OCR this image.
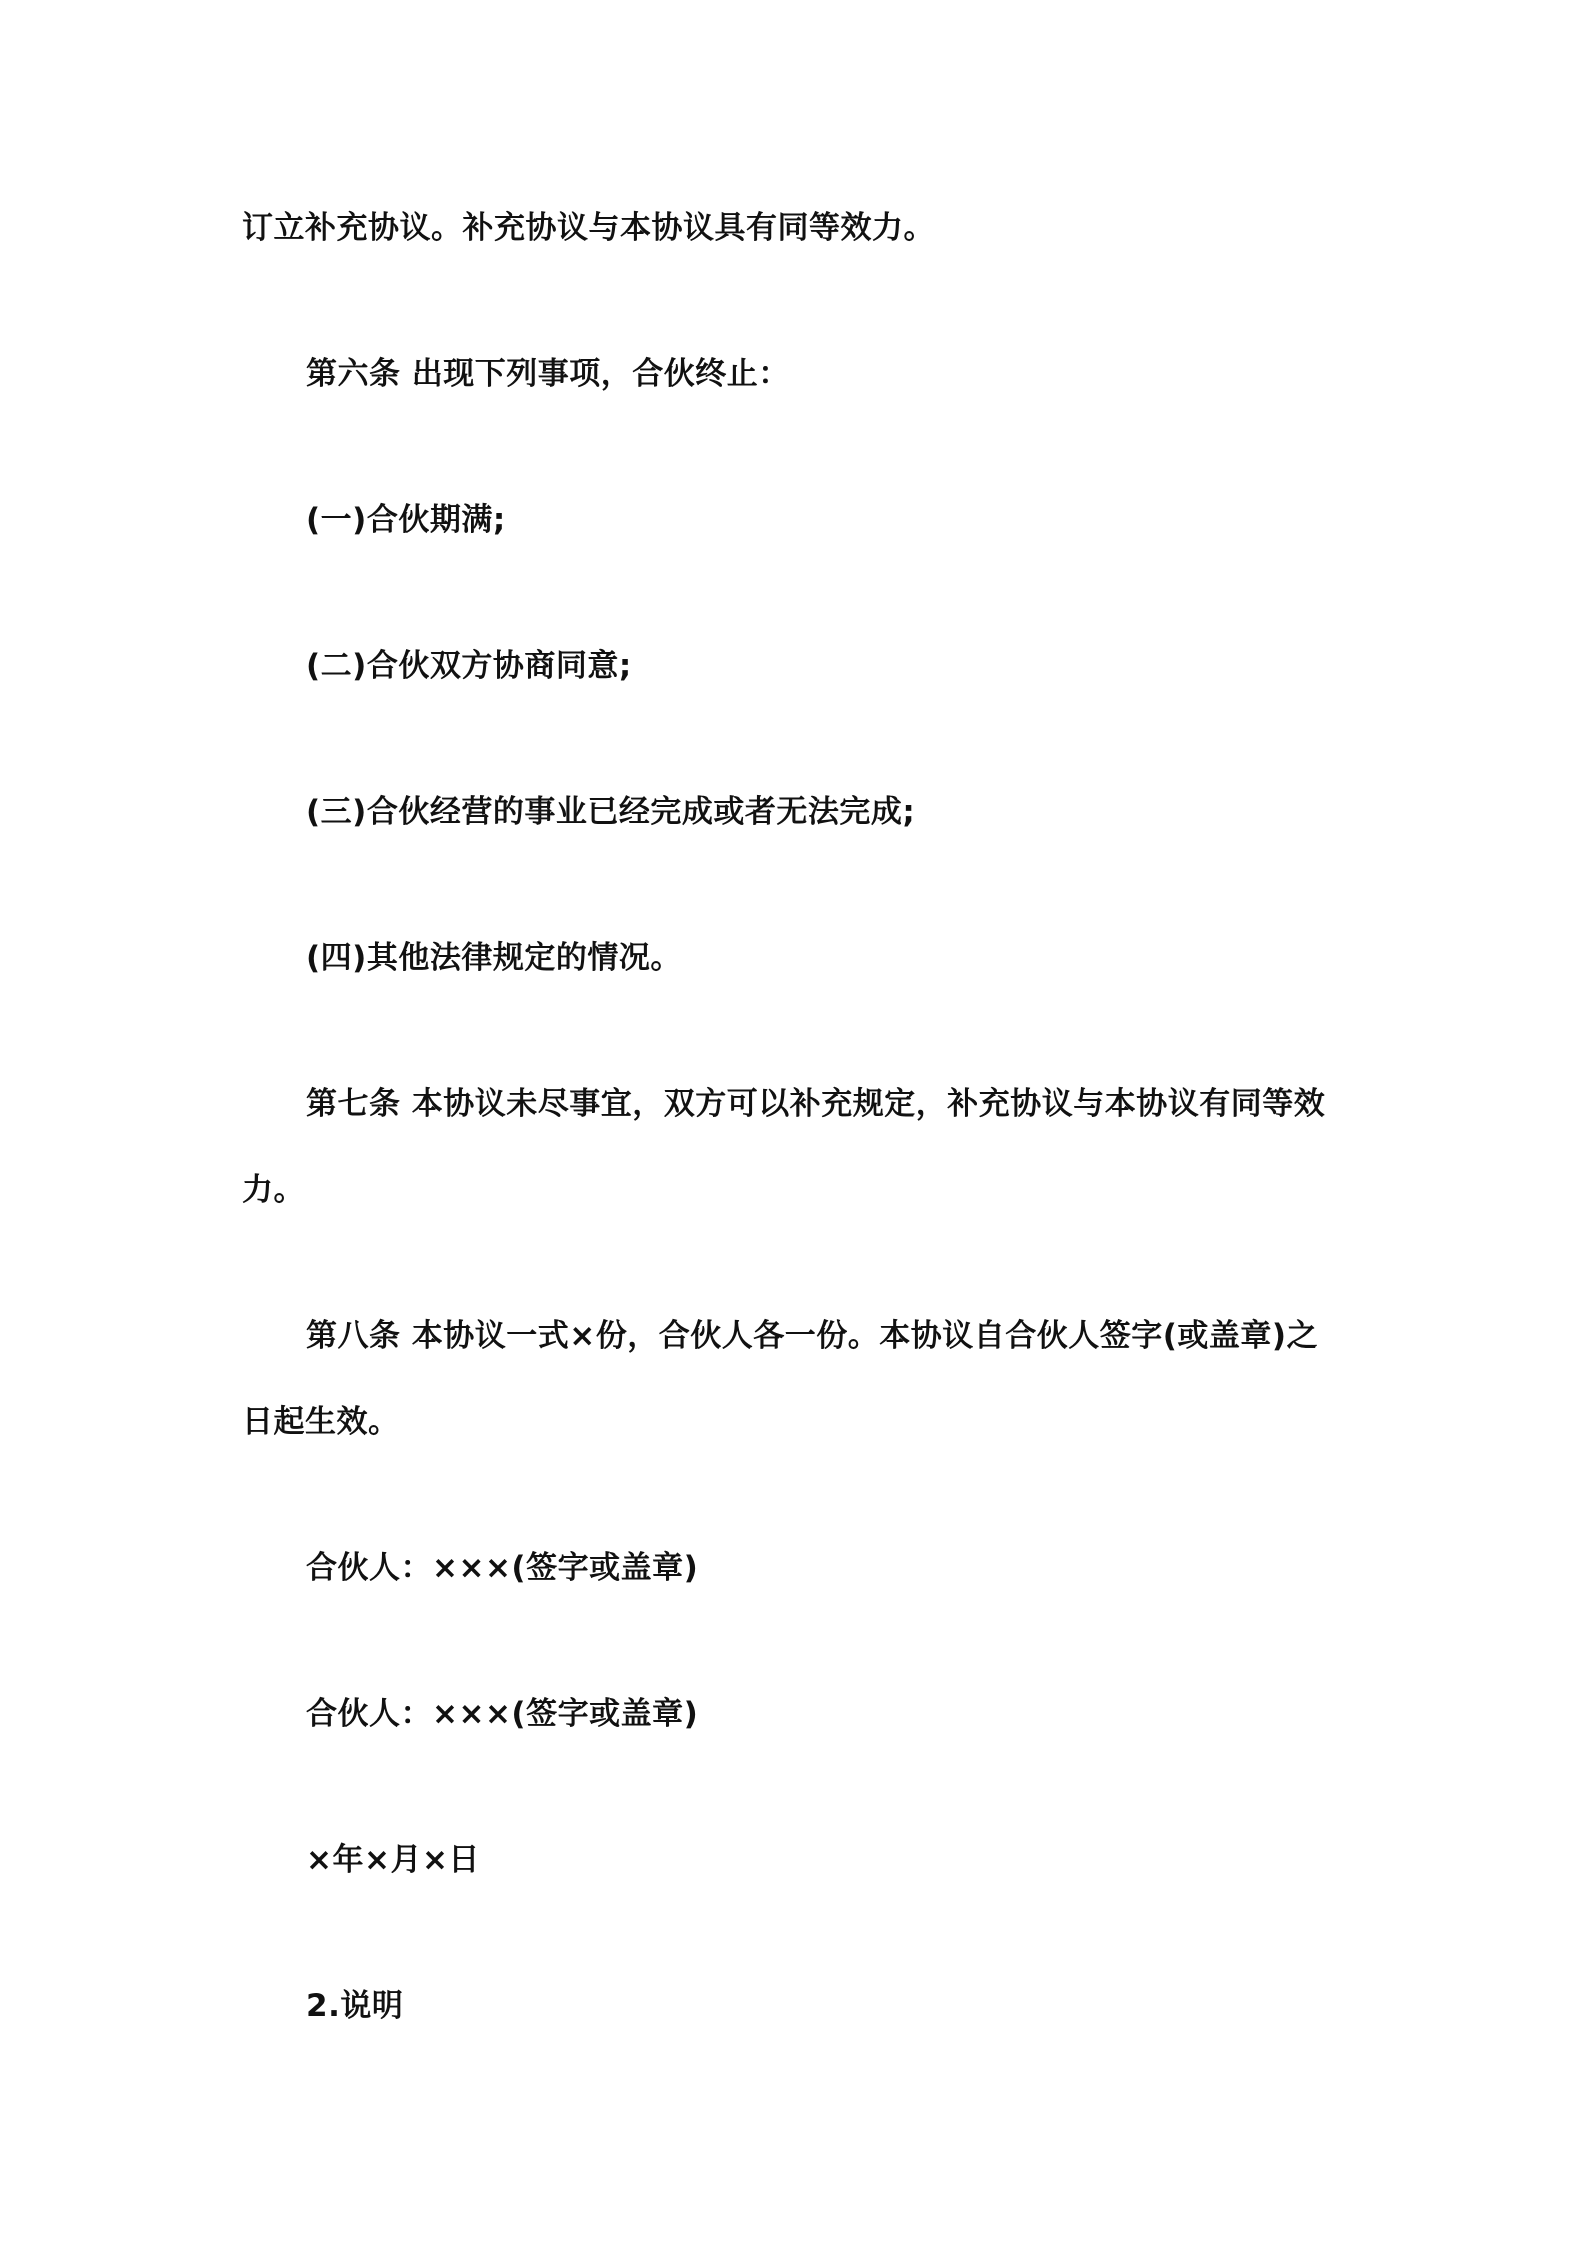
订立补充协议。补充协议与本协议具有同等效力。

第六条 出现下列事项，合伙终止：

(一)合伙期满;

(二)合伙双方协商同意;

(三)合伙经营的事业已经完成或者无法完成;

(四)其他法律规定的情况。

第七条 本协议未尽事宜，双方可以补充规定，补充协议与本协议有同等效

力。

第八条 本协议一式×份，合伙人各一份。本协议自合伙人签字(或盖章)之

日起生效。

合伙人：×××(签字或盖章)

合伙人：×××(签字或盖章)

×年×月×日

2.说明
